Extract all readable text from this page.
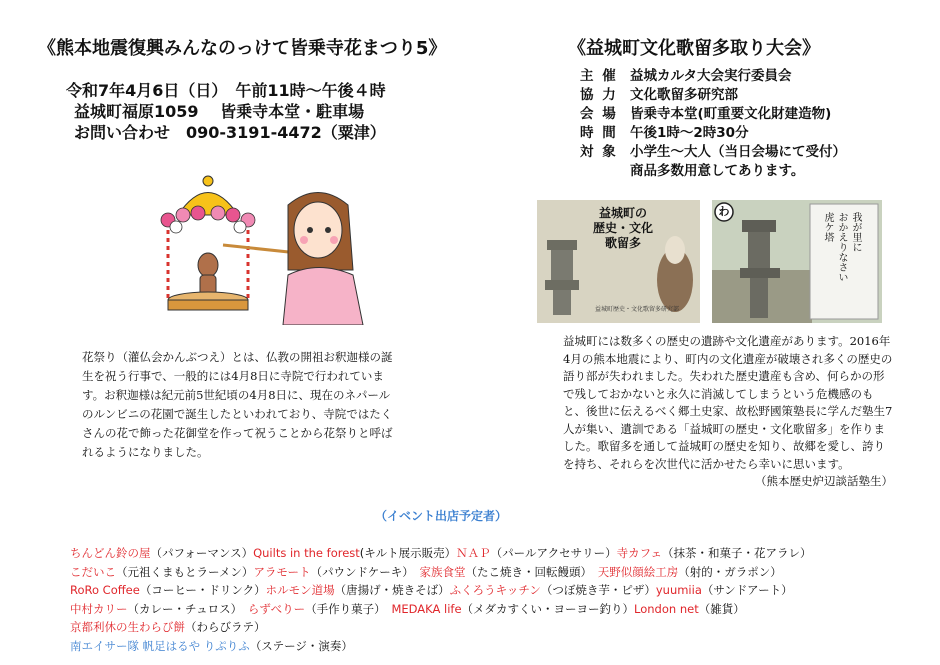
《熊本地震復興みんなのっけて皆乗寺花まつり5》	《益城町文化歌留多取り大会》
令和7年4月6日（日）　午前11時〜午後４時
益城町福原1059　 皆乗寺本堂・駐車場
お問い合わせ　090-3191-4472（粟津）
主 催 益城カルタ大会実行委員会
協 力 文化歌留多研究部
会 場 皆乗寺本堂(町重要文化財建造物)
時 間 午後1時〜2時30分
対 象 小学生〜大人（当日会場にて受付）
商品多数用意してあります。
益城町の
歴史・文化
歌留多
益城町歴史・文化歌留多研究部
わ
我が里に
おかえりなさい
虎ケ塔

花祭り（灌仏会かんぶつえ）とは、仏教の開祖お釈迦様の誕生を祝う行事で、一般的には4月8日に寺院で行われています。お釈迦様は紀元前5世紀頃の4月8日に、現在のネパールのルンビニの花園で誕生したといわれており、寺院ではたくさんの花で飾った花御堂を作って祝うことから花祭りと呼ばれるようになりました。

益城町には数多くの歴史の遺跡や文化遺産があります。2016年4月の熊本地震により、町内の文化遺産が破壊され多くの歴史の語り部が失われました。失われた歴史遺産も含め、何らかの形で残しておかないと永久に消滅してしまうという危機感のもと、後世に伝えるべく郷土史家、故松野國策塾長に学んだ塾生7人が集い、遺訓である「益城町の歴史・文化歌留多」を作りました。歌留多を通して益城町の歴史を知り、故郷を愛し、誇りを持ち、それらを次世代に活かせたら幸いに思います。

（熊本歴史炉辺談話塾生）

（イベント出店予定者）
ちんどん鈴の屋（パフォーマンス）Quilts in the forest(キルト展示販売）ＮＡＰ（パールアクセサリー）寺カフェ（抹茶・和菓子・花アラレ）
こだいこ（元祖くまもとラーメン）アラモート（パウンドケーキ）　家族食堂（たこ焼き・回転饅頭）　天野似顔絵工房（射的・ガラポン）
RoRo Coffee（コーヒー・ドリンク）ホルモン道場（唐揚げ・焼きそば）ふくろうキッチン（つぼ焼き芋・ピザ）yuumiia（サンドアート）
中村カリー（カレー・チュロス）　らずべりー（手作り菓子）　MEDAKA life（メダカすくい・ヨーヨー釣り）London net（雑貨）
京都利休の生わらび餅（わらびラテ）
南エイサー隊 帆足はるや りぷりふ（ステージ・演奏）
